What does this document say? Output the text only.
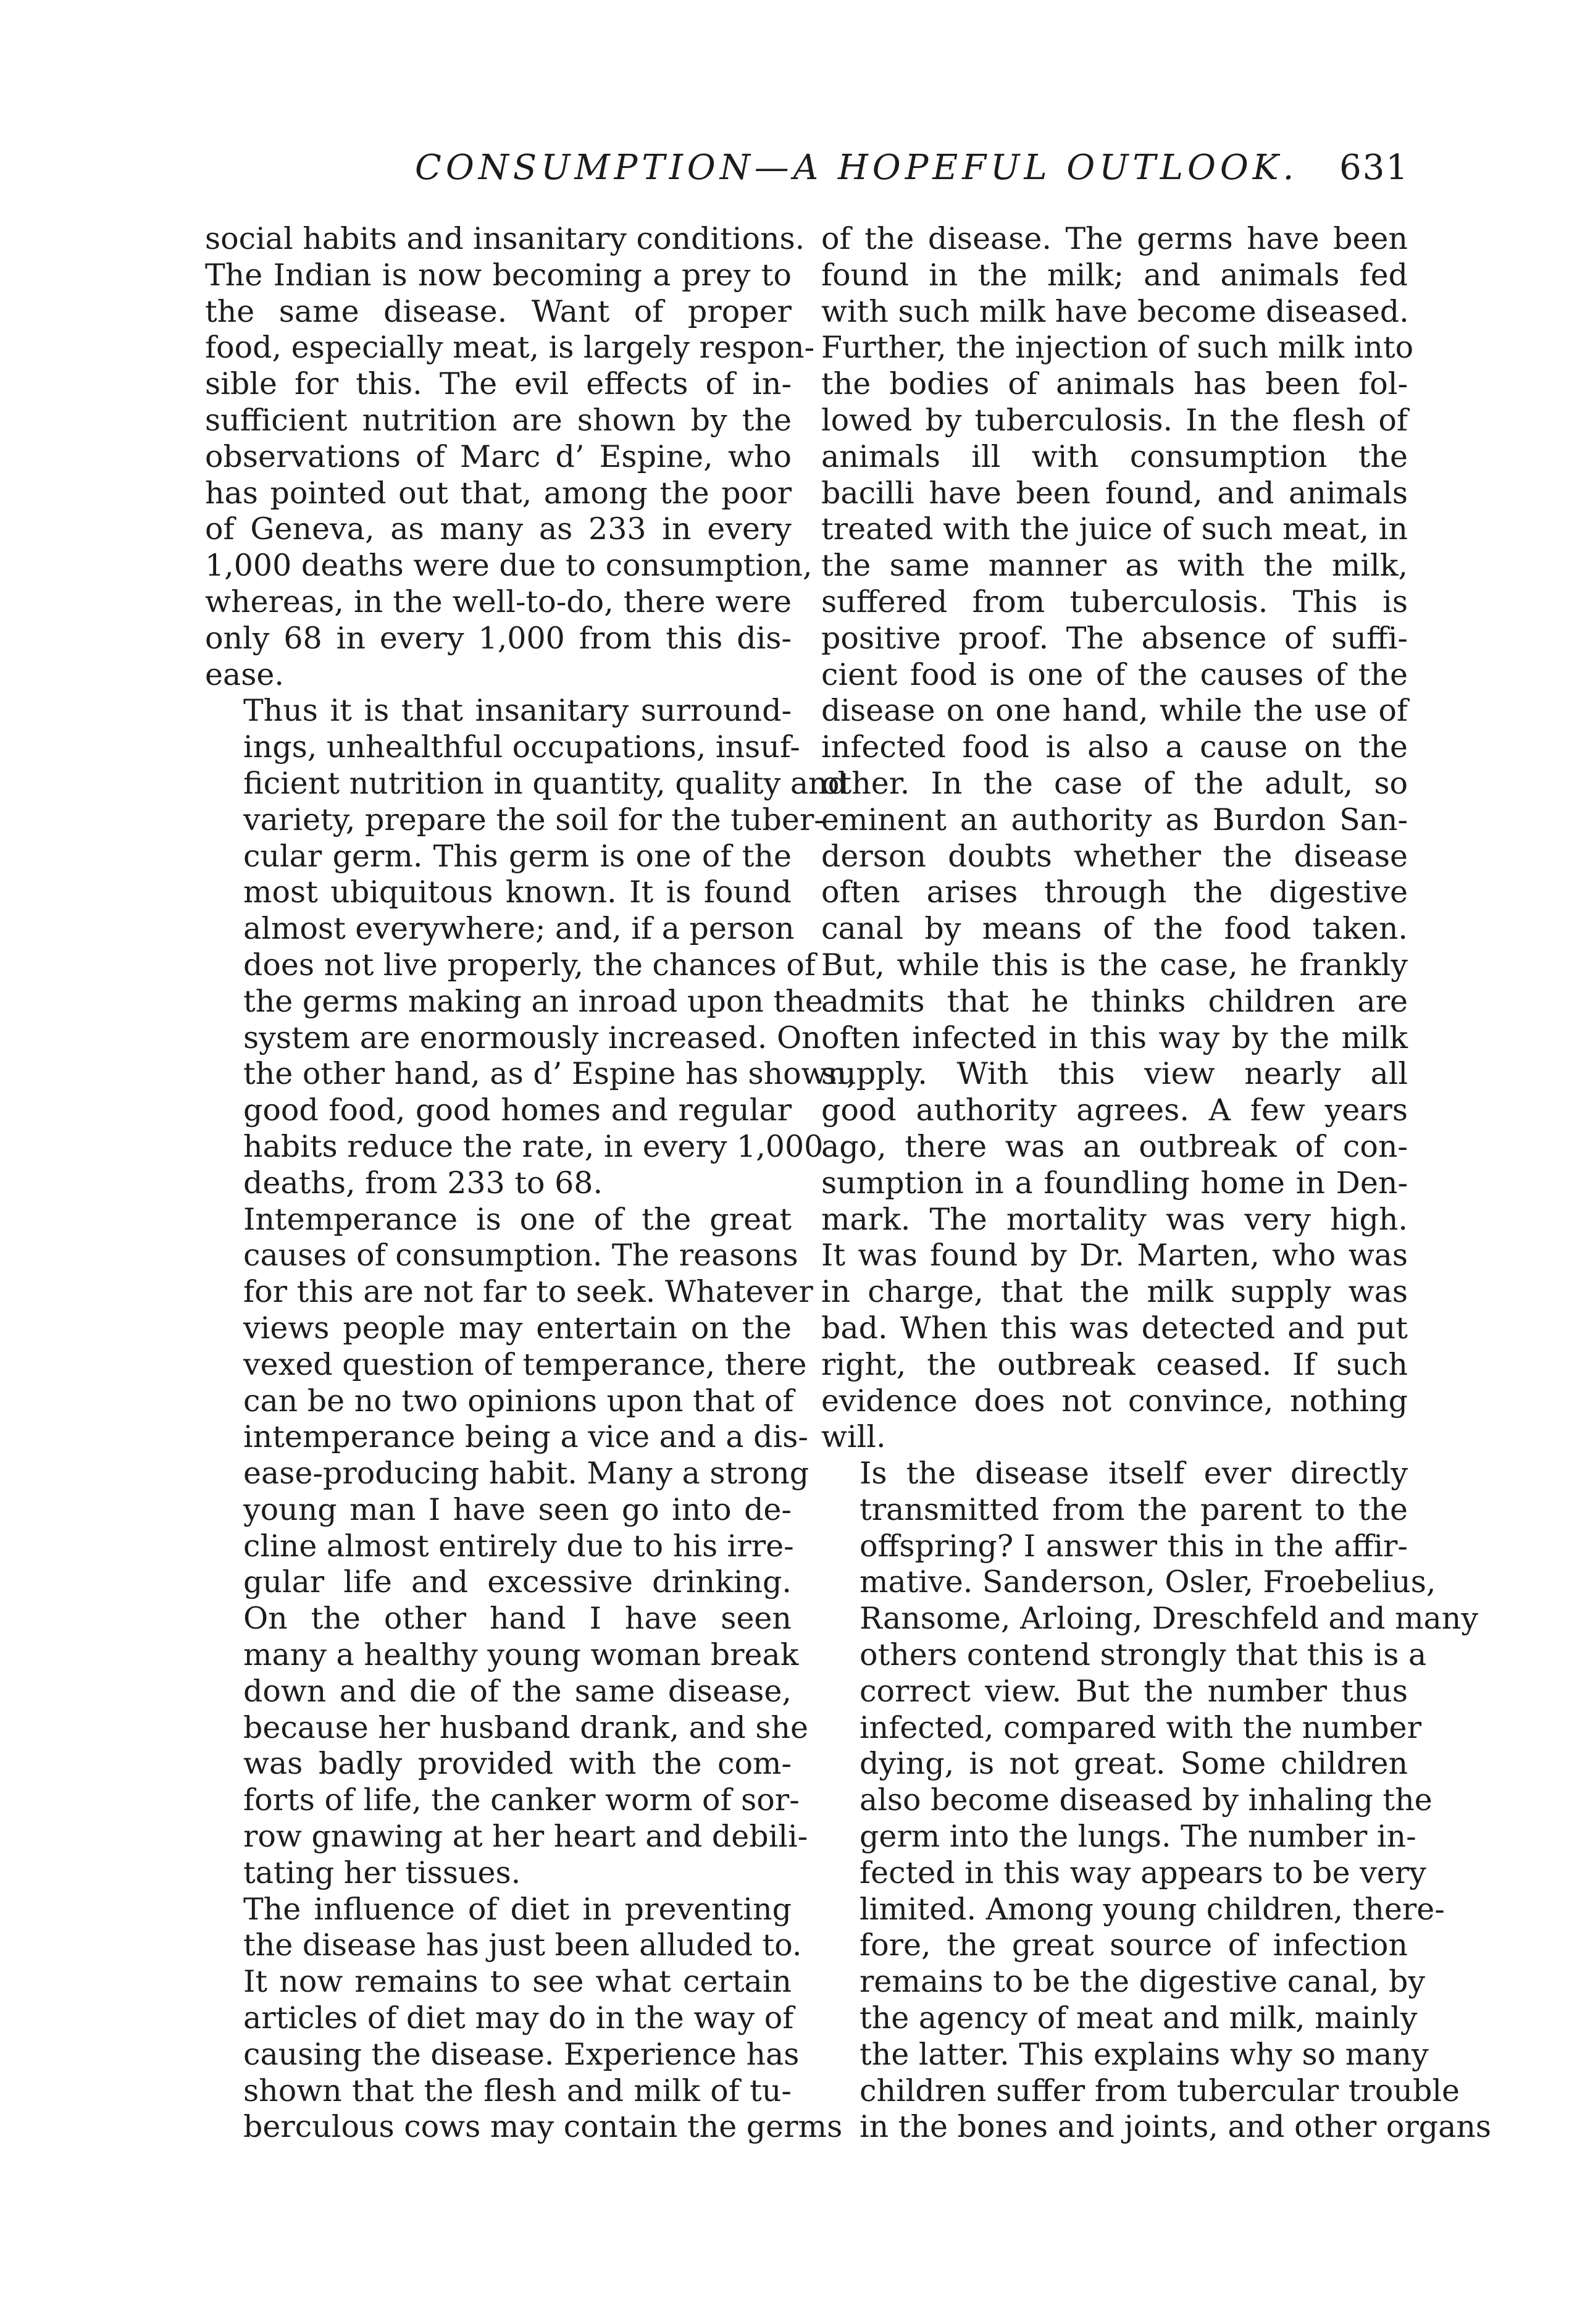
CONSUMPTION—A HOPEFUL OUTLOOK. 631
social habits and insanitary conditions.
The Indian is now becoming a prey to
the same disease. Want of proper
food, especially meat, is largely respon-
sible for this. The evil effects of in-
sufficient nutrition are shown by the
observations of Marc d’ Espine, who
has pointed out that, among the poor
of Geneva, as many as 233 in every
1,000 deaths were due to consumption,
whereas, in the well-to-do, there were
only 68 in every 1,000 from this dis-
ease.
Thus it is that insanitary surround-
ings, unhealthful occupations, insuf-
ficient nutrition in quantity, quality and
variety, prepare the soil for the tuber-
cular germ. This germ is one of the
most ubiquitous known. It is found
almost everywhere; and, if a person
does not live properly, the chances of
the germs making an inroad upon the
system are enormously increased. On
the other hand, as d’ Espine has shown,
good food, good homes and regular
habits reduce the rate, in every 1,000
deaths, from 233 to 68.
Intemperance is one of the great
causes of consumption. The reasons
for this are not far to seek. Whatever
views people may entertain on the
vexed question of temperance, there
can be no two opinions upon that of
intemperance being a vice and a dis-
ease-producing habit. Many a strong
young man I have seen go into de-
cline almost entirely due to his irre-
gular life and excessive drinking.
On the other hand I have seen
many a healthy young woman break
down and die of the same disease,
because her husband drank, and she
was badly provided with the com-
forts of life, the canker worm of sor-
row gnawing at her heart and debili-
tating her tissues.
The influence of diet in preventing
the disease has just been alluded to.
It now remains to see what certain
articles of diet may do in the way of
causing the disease. Experience has
shown that the flesh and milk of tu-
berculous cows may contain the germs
of the disease. The germs have been
found in the milk; and animals fed
with such milk have become diseased.
Further, the injection of such milk into
the bodies of animals has been fol-
lowed by tuberculosis. In the flesh of
animals ill with consumption the
bacilli have been found, and animals
treated with the juice of such meat, in
the same manner as with the milk,
suffered from tuberculosis. This is
positive proof. The absence of suffi-
cient food is one of the causes of the
disease on one hand, while the use of
infected food is also a cause on the
other. In the case of the adult, so
eminent an authority as Burdon San-
derson doubts whether the disease
often arises through the digestive
canal by means of the food taken.
But, while this is the case, he frankly
admits that he thinks children are
often infected in this way by the milk
supply. With this view nearly all
good authority agrees. A few years
ago, there was an outbreak of con-
sumption in a foundling home in Den-
mark. The mortality was very high.
It was found by Dr. Marten, who was
in charge, that the milk supply was
bad. When this was detected and put
right, the outbreak ceased. If such
evidence does not convince, nothing
will.
Is the disease itself ever directly
transmitted from the parent to the
offspring? I answer this in the affir-
mative. Sanderson, Osler, Froebelius,
Ransome, Arloing, Dreschfeld and many
others contend strongly that this is a
correct view. But the number thus
infected, compared with the number
dying, is not great. Some children
also become diseased by inhaling the
germ into the lungs. The number in-
fected in this way appears to be very
limited. Among young children, there-
fore, the great source of infection
remains to be the digestive canal, by
the agency of meat and milk, mainly
the latter. This explains why so many
children suffer from tubercular trouble
in the bones and joints, and other organs
